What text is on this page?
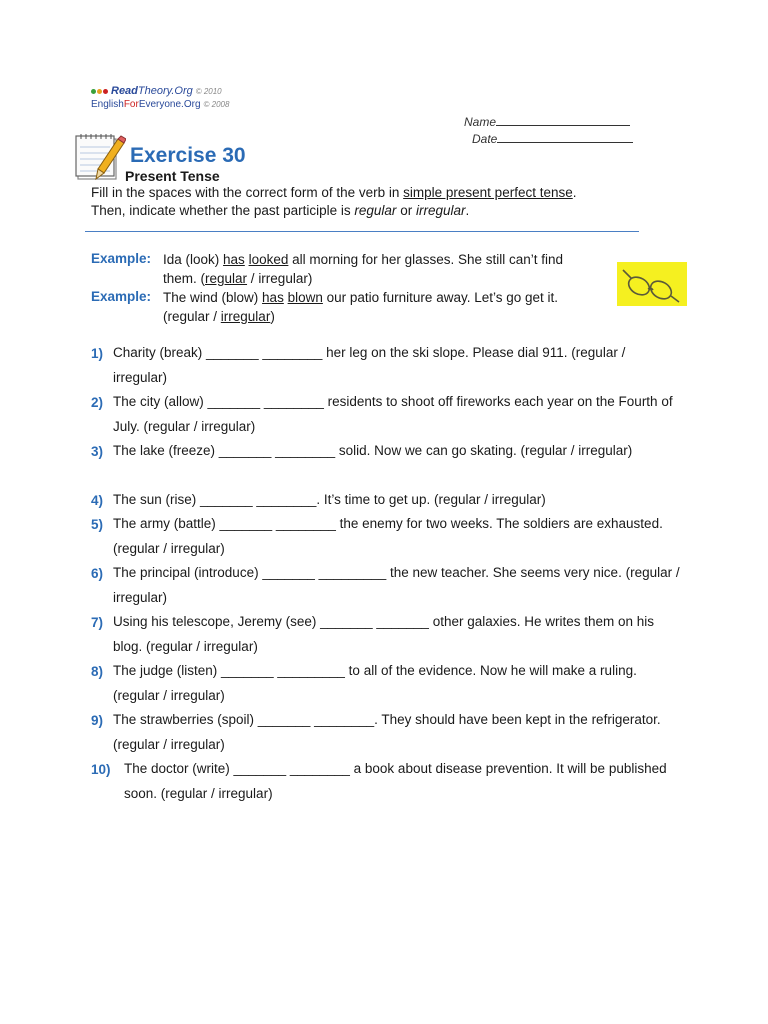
ReadTheory.Org © 2010
EnglishForEveryone.Org © 2008
Name
Date
Exercise 30
Present Tense
Fill in the spaces with the correct form of the verb in simple present perfect tense.
Then, indicate whether the past participle is regular or irregular.
Example: Ida (look) has looked all morning for her glasses. She still can’t find them. (regular / irregular)
Example: The wind (blow) has blown our patio furniture away. Let’s go get it. (regular / irregular)
1) Charity (break) _______ ________ her leg on the ski slope. Please dial 911. (regular / irregular)
2) The city (allow) _______ ________ residents to shoot off fireworks each year on the Fourth of July. (regular / irregular)
3) The lake (freeze) _______ ________ solid. Now we can go skating. (regular / irregular)
4) The sun (rise) _______ ________. It’s time to get up. (regular / irregular)
5) The army (battle) _______ ________ the enemy for two weeks. The soldiers are exhausted. (regular / irregular)
6) The principal (introduce) _______ _________ the new teacher. She seems very nice. (regular / irregular)
7) Using his telescope, Jeremy (see) _______ _______ other galaxies. He writes them on his blog. (regular / irregular)
8) The judge (listen) _______ _________ to all of the evidence. Now he will make a ruling. (regular / irregular)
9) The strawberries (spoil) _______ ________. They should have been kept in the refrigerator. (regular / irregular)
10) The doctor (write) _______ ________ a book about disease prevention. It will be published soon. (regular / irregular)
